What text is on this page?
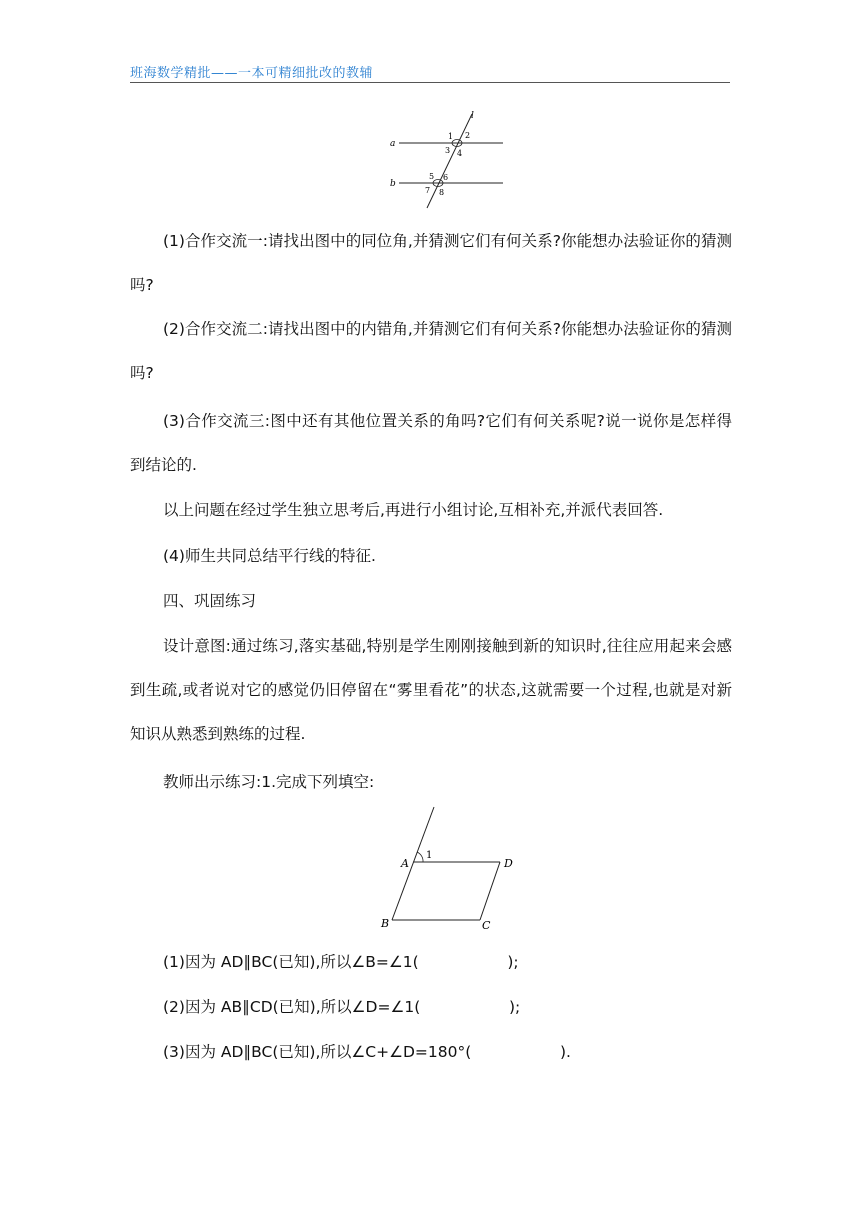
班海数学精批——一本可精细批改的教辅
l
a
b
1 2
3 4
5 6
7 8

(1)合作交流一:请找出图中的同位角,并猜测它们有何关系?你能想办法验证你的猜测吗?

(2)合作交流二:请找出图中的内错角,并猜测它们有何关系?你能想办法验证你的猜测吗?

(3)合作交流三:图中还有其他位置关系的角吗?它们有何关系呢?说一说你是怎样得到结论的.

以上问题在经过学生独立思考后,再进行小组讨论,互相补充,并派代表回答.

(4)师生共同总结平行线的特征.

四、巩固练习

设计意图:通过练习,落实基础,特别是学生刚刚接触到新的知识时,往往应用起来会感到生疏,或者说对它的感觉仍旧停留在“雾里看花”的状态,这就需要一个过程,也就是对新知识从熟悉到熟练的过程.

教师出示练习:1.完成下列填空:

A
1
D
B	C
(1)因为 AD∥BC(已知),所以∠B=∠1(                  );
(2)因为 AB∥CD(已知),所以∠D=∠1(                  );
(3)因为 AD∥BC(已知),所以∠C+∠D=180°(                  ).
